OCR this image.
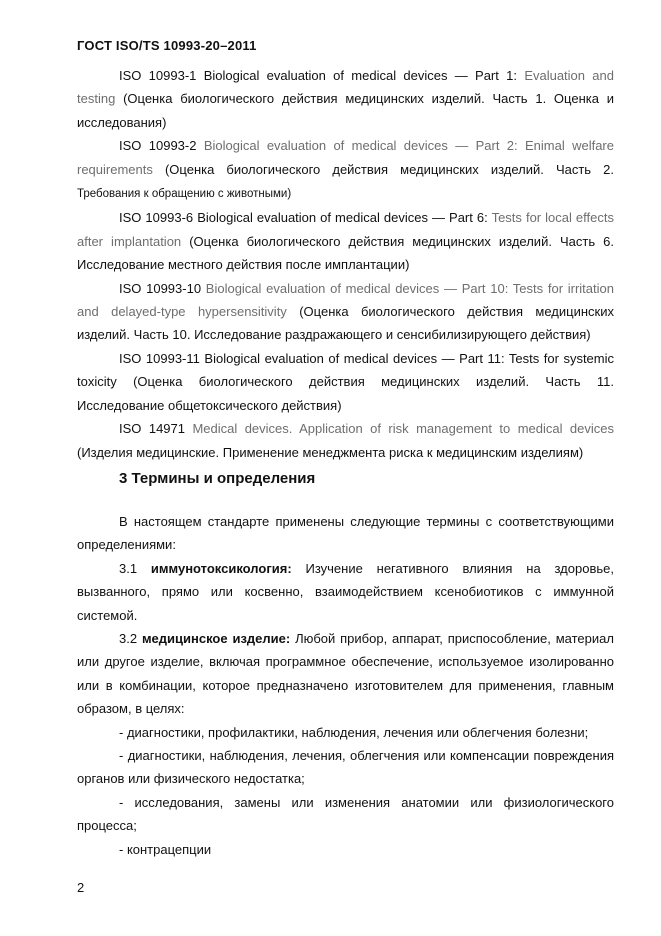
ГОСТ ISO/TS 10993-20–2011

ISO 10993-1 Biological evaluation of medical devices — Part 1: Evaluation and testing (Оценка биологического действия медицинских изделий. Часть 1. Оценка и исследования)

ISO 10993-2 Biological evaluation of medical devices — Part 2: Enimal welfare requirements (Оценка биологического действия медицинских изделий. Часть 2. Требования к обращению с животными)

ISO 10993-6 Biological evaluation of medical devices — Part 6: Tests for local effects after implantation (Оценка биологического действия медицинских изделий. Часть 6. Исследование местного действия после имплантации)

ISO 10993-10 Biological evaluation of medical devices — Part 10: Tests for irritation and delayed-type hypersensitivity (Оценка биологического действия медицинских изделий. Часть 10. Исследование раздражающего и сенсибилизирующего действия)

ISO 10993-11 Biological evaluation of medical devices — Part 11: Tests for systemic toxicity (Оценка биологического действия медицинских изделий. Часть 11. Исследование общетоксического действия)

ISO 14971 Medical devices. Application of risk management to medical devices (Изделия медицинские. Применение менеджмента риска к медицинским изделиям)

3 Термины и определения

В настоящем стандарте применены следующие термины с соответствующими определениями:

3.1 иммунотоксикология: Изучение негативного влияния на здоровье, вызванного, прямо или косвенно, взаимодействием ксенобиотиков с иммунной системой.

3.2 медицинское изделие: Любой прибор, аппарат, приспособление, материал или другое изделие, включая программное обеспечение, используемое изолированно или в комбинации, которое предназначено изготовителем для применения, главным образом, в целях:

- диагностики, профилактики, наблюдения, лечения или облегчения болезни;

- диагностики, наблюдения, лечения, облегчения или компенсации повреждения органов или физического недостатка;

- исследования, замены или изменения анатомии или физиологического процесса;

- контрацепции

2
